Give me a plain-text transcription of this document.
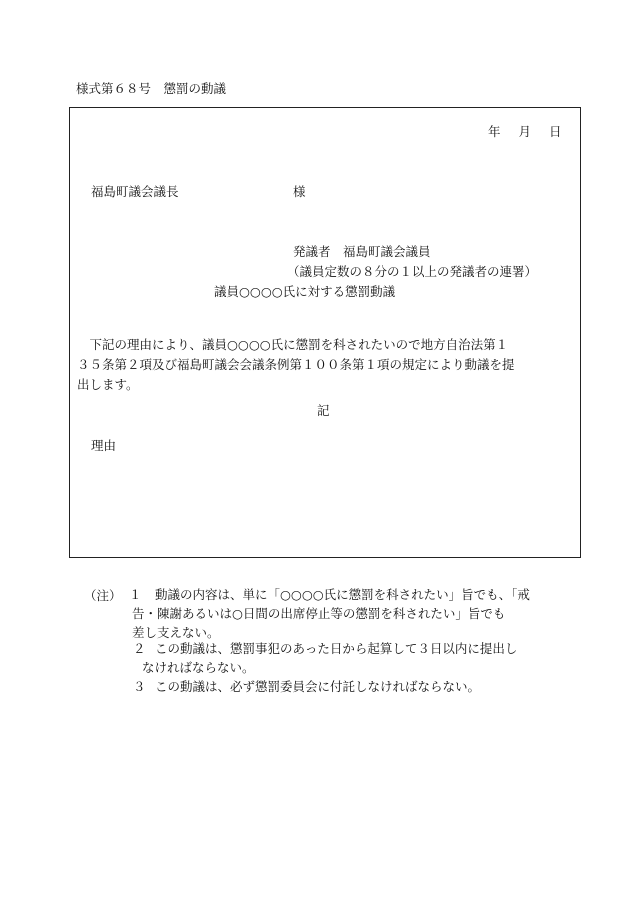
様式第６８号　懲罰の動議
年 月 日
福島町議会議長	様
発議者　福島町議会議員
（議員定数の８分の１以上の発議者の連署）
議員○○○○氏に対する懲罰動議
　下記の理由により、議員○○○○氏に懲罰を科されたいので地方自治法第１
３５条第２項及び福島町議会会議条例第１００条第１項の規定により動議を提
出します。
記
理由
（注） １ 動議の内容は、単に「○○○○氏に懲罰を科されたい」旨でも、「戒
告・陳謝あるいは○日間の出席停止等の懲罰を科されたい」旨でも
差し支えない。
２ この動議は、懲罰事犯のあった日から起算して３日以内に提出し
なければならない。
３ この動議は、必ず懲罰委員会に付託しなければならない。
